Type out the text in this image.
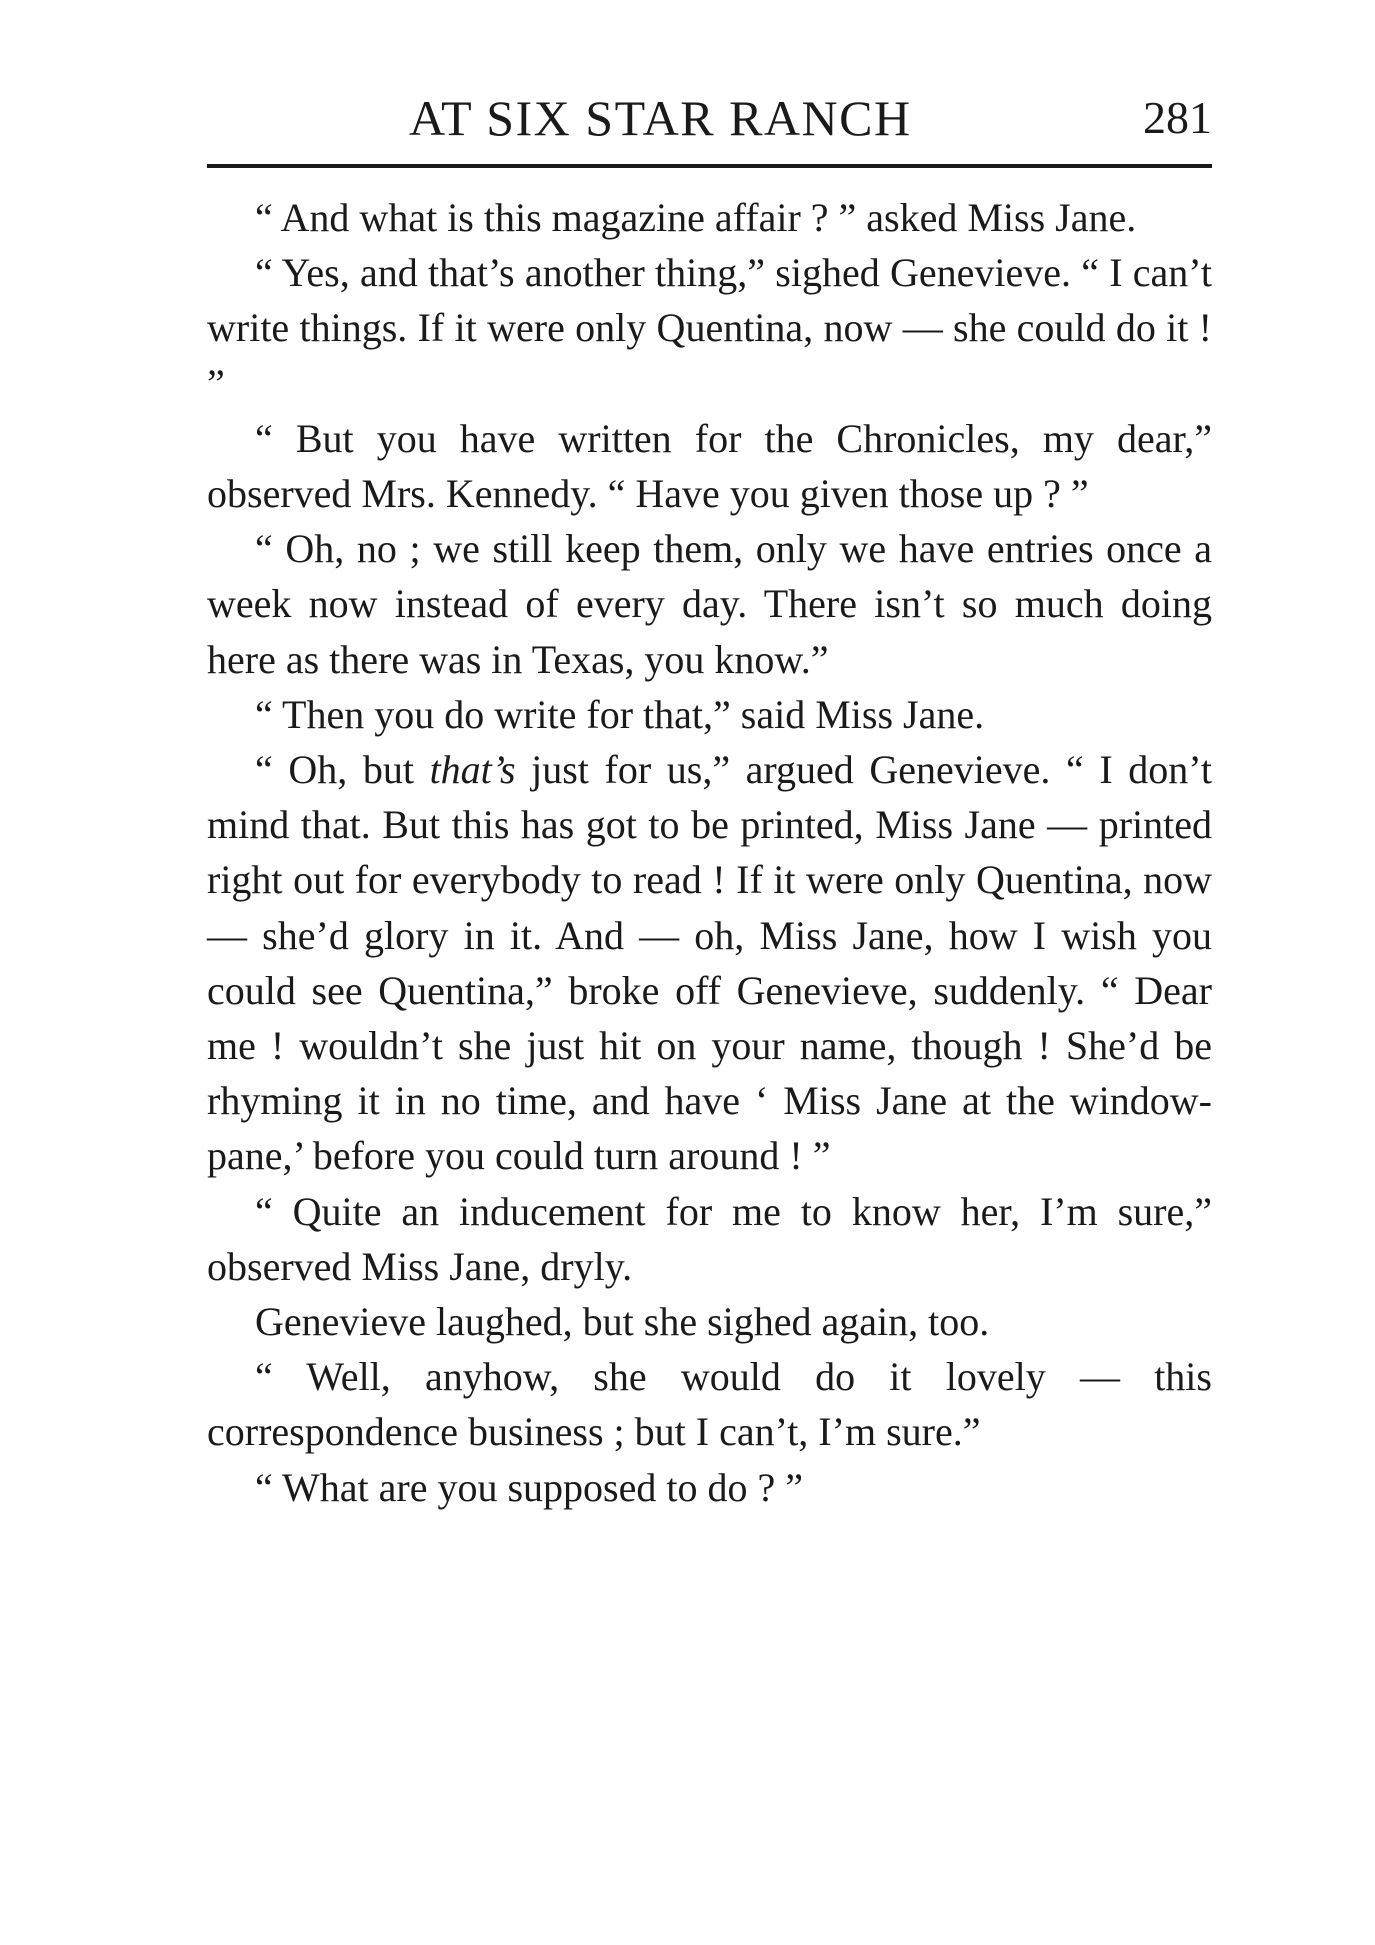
AT SIX STAR RANCH	281

“ And what is this magazine affair ? ” asked Miss Jane.

“ Yes, and that’s another thing,” sighed Genevieve. “ I can’t write things. If it were only Quentina, now — she could do it ! ”

“ But you have written for the Chronicles, my dear,” observed Mrs. Kennedy. “ Have you given those up ? ”

“ Oh, no ; we still keep them, only we have entries once a week now instead of every day. There isn’t so much doing here as there was in Texas, you know.”

“ Then you do write for that,” said Miss Jane.

“ Oh, but that’s just for us,” argued Genevieve. “ I don’t mind that. But this has got to be printed, Miss Jane — printed right out for everybody to read ! If it were only Quentina, now — she’d glory in it. And — oh, Miss Jane, how I wish you could see Quentina,” broke off Genevieve, suddenly. “ Dear me ! wouldn’t she just hit on your name, though ! She’d be rhyming it in no time, and have ‘ Miss Jane at the window-pane,’ before you could turn around ! ”

“ Quite an inducement for me to know her, I’m sure,” observed Miss Jane, dryly.

Genevieve laughed, but she sighed again, too.

“ Well, anyhow, she would do it lovely — this correspondence business ; but I can’t, I’m sure.”

“ What are you supposed to do ? ”
